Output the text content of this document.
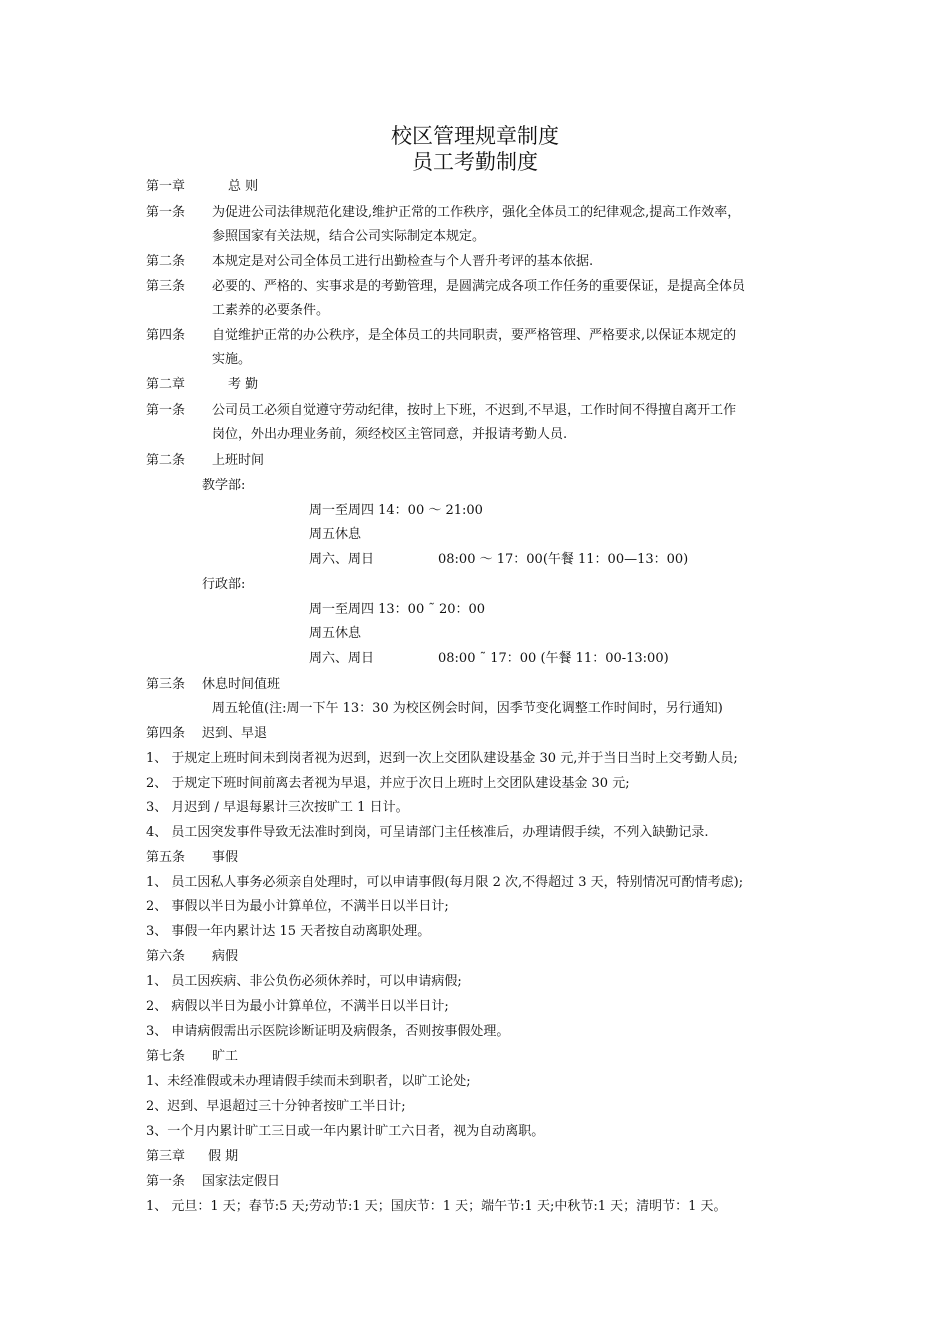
校区管理规章制度
员工考勤制度
第一章	总 则
第一条 为促进公司法律规范化建设,维护正常的工作秩序，强化全体员工的纪律观念,提高工作效率，
参照国家有关法规，结合公司实际制定本规定。
第二条 本规定是对公司全体员工进行出勤检查与个人晋升考评的基本依据.
第三条 必要的、严格的、实事求是的考勤管理，是圆满完成各项工作任务的重要保证，是提高全体员
工素养的必要条件。
第四条 自觉维护正常的办公秩序，是全体员工的共同职责，要严格管理、严格要求,以保证本规定的
实施。
第二章	考 勤
第一条 公司员工必须自觉遵守劳动纪律，按时上下班，不迟到,不早退，工作时间不得擅自离开工作
岗位，外出办理业务前，须经校区主管同意，并报请考勤人员.
第二条 上班时间
教学部:
周一至周四 14：00 ～ 21:00
周五休息
周六、周日	08:00 ～ 17：00(午餐 11：00—13：00)
行政部:
周一至周四 13：00 ˜ 20：00
周五休息
周六、周日	08:00 ˜ 17：00 (午餐 11：00-13:00)
第三条 休息时间值班
周五轮值(注:周一下午 13：30 为校区例会时间，因季节变化调整工作时间时，另行通知)
第四条 迟到、早退
1、 于规定上班时间未到岗者视为迟到，迟到一次上交团队建设基金 30 元,并于当日当时上交考勤人员;
2、 于规定下班时间前离去者视为早退，并应于次日上班时上交团队建设基金 30 元;
3、 月迟到 / 早退每累计三次按旷工 1 日计。
4、 员工因突发事件导致无法准时到岗，可呈请部门主任核准后，办理请假手续，不列入缺勤记录.
第五条 事假
1、 员工因私人事务必须亲自处理时，可以申请事假(每月限 2 次,不得超过 3 天，特别情况可酌情考虑);
2、 事假以半日为最小计算单位，不满半日以半日计;
3、 事假一年内累计达 15 天者按自动离职处理。
第六条 病假
1、 员工因疾病、非公负伤必须休养时，可以申请病假;
2、 病假以半日为最小计算单位，不满半日以半日计;
3、 申请病假需出示医院诊断证明及病假条，否则按事假处理。
第七条 旷工
1、未经准假或未办理请假手续而未到职者，以旷工论处;
2、迟到、早退超过三十分钟者按旷工半日计;
3、一个月内累计旷工三日或一年内累计旷工六日者，视为自动离职。
第三章 假 期
第一条 国家法定假日
1、 元旦：1 天；春节:5 天;劳动节:1 天；国庆节：1 天；端午节:1 天;中秋节:1 天；清明节：1 天。
